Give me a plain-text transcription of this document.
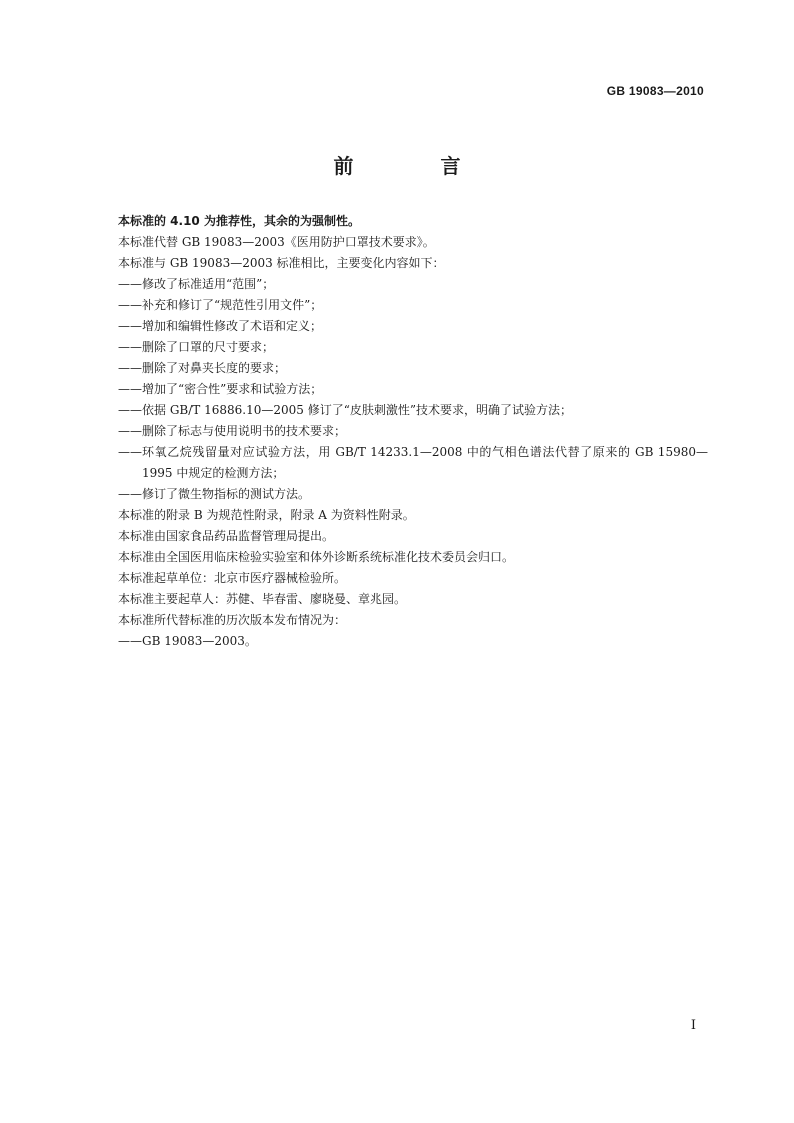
GB 19083—2010
前 言

本标准的 4.10 为推荐性，其余的为强制性。

本标准代替 GB 19083—2003《医用防护口罩技术要求》。

本标准与 GB 19083—2003 标准相比，主要变化内容如下：

—— 修改了标准适用“范围”；
—— 补充和修订了“规范性引用文件”；
—— 增加和编辑性修改了术语和定义；
—— 删除了口罩的尺寸要求；
—— 删除了对鼻夹长度的要求；
—— 增加了“密合性”要求和试验方法；
—— 依据 GB/T 16886.10—2005 修订了“皮肤刺激性”技术要求，明确了试验方法；
—— 删除了标志与使用说明书的技术要求；
—— 环氧乙烷残留量对应试验方法，用 GB/T 14233.1—2008 中的气相色谱法代替了原来的 GB 15980—1995 中规定的检测方法；
—— 修订了微生物指标的测试方法。

本标准的附录 B 为规范性附录，附录 A 为资料性附录。

本标准由国家食品药品监督管理局提出。

本标准由全国医用临床检验实验室和体外诊断系统标准化技术委员会归口。

本标准起草单位：北京市医疗器械检验所。

本标准主要起草人：苏健、毕春雷、廖晓曼、章兆园。

本标准所代替标准的历次版本发布情况为：

—— GB 19083—2003。
I
